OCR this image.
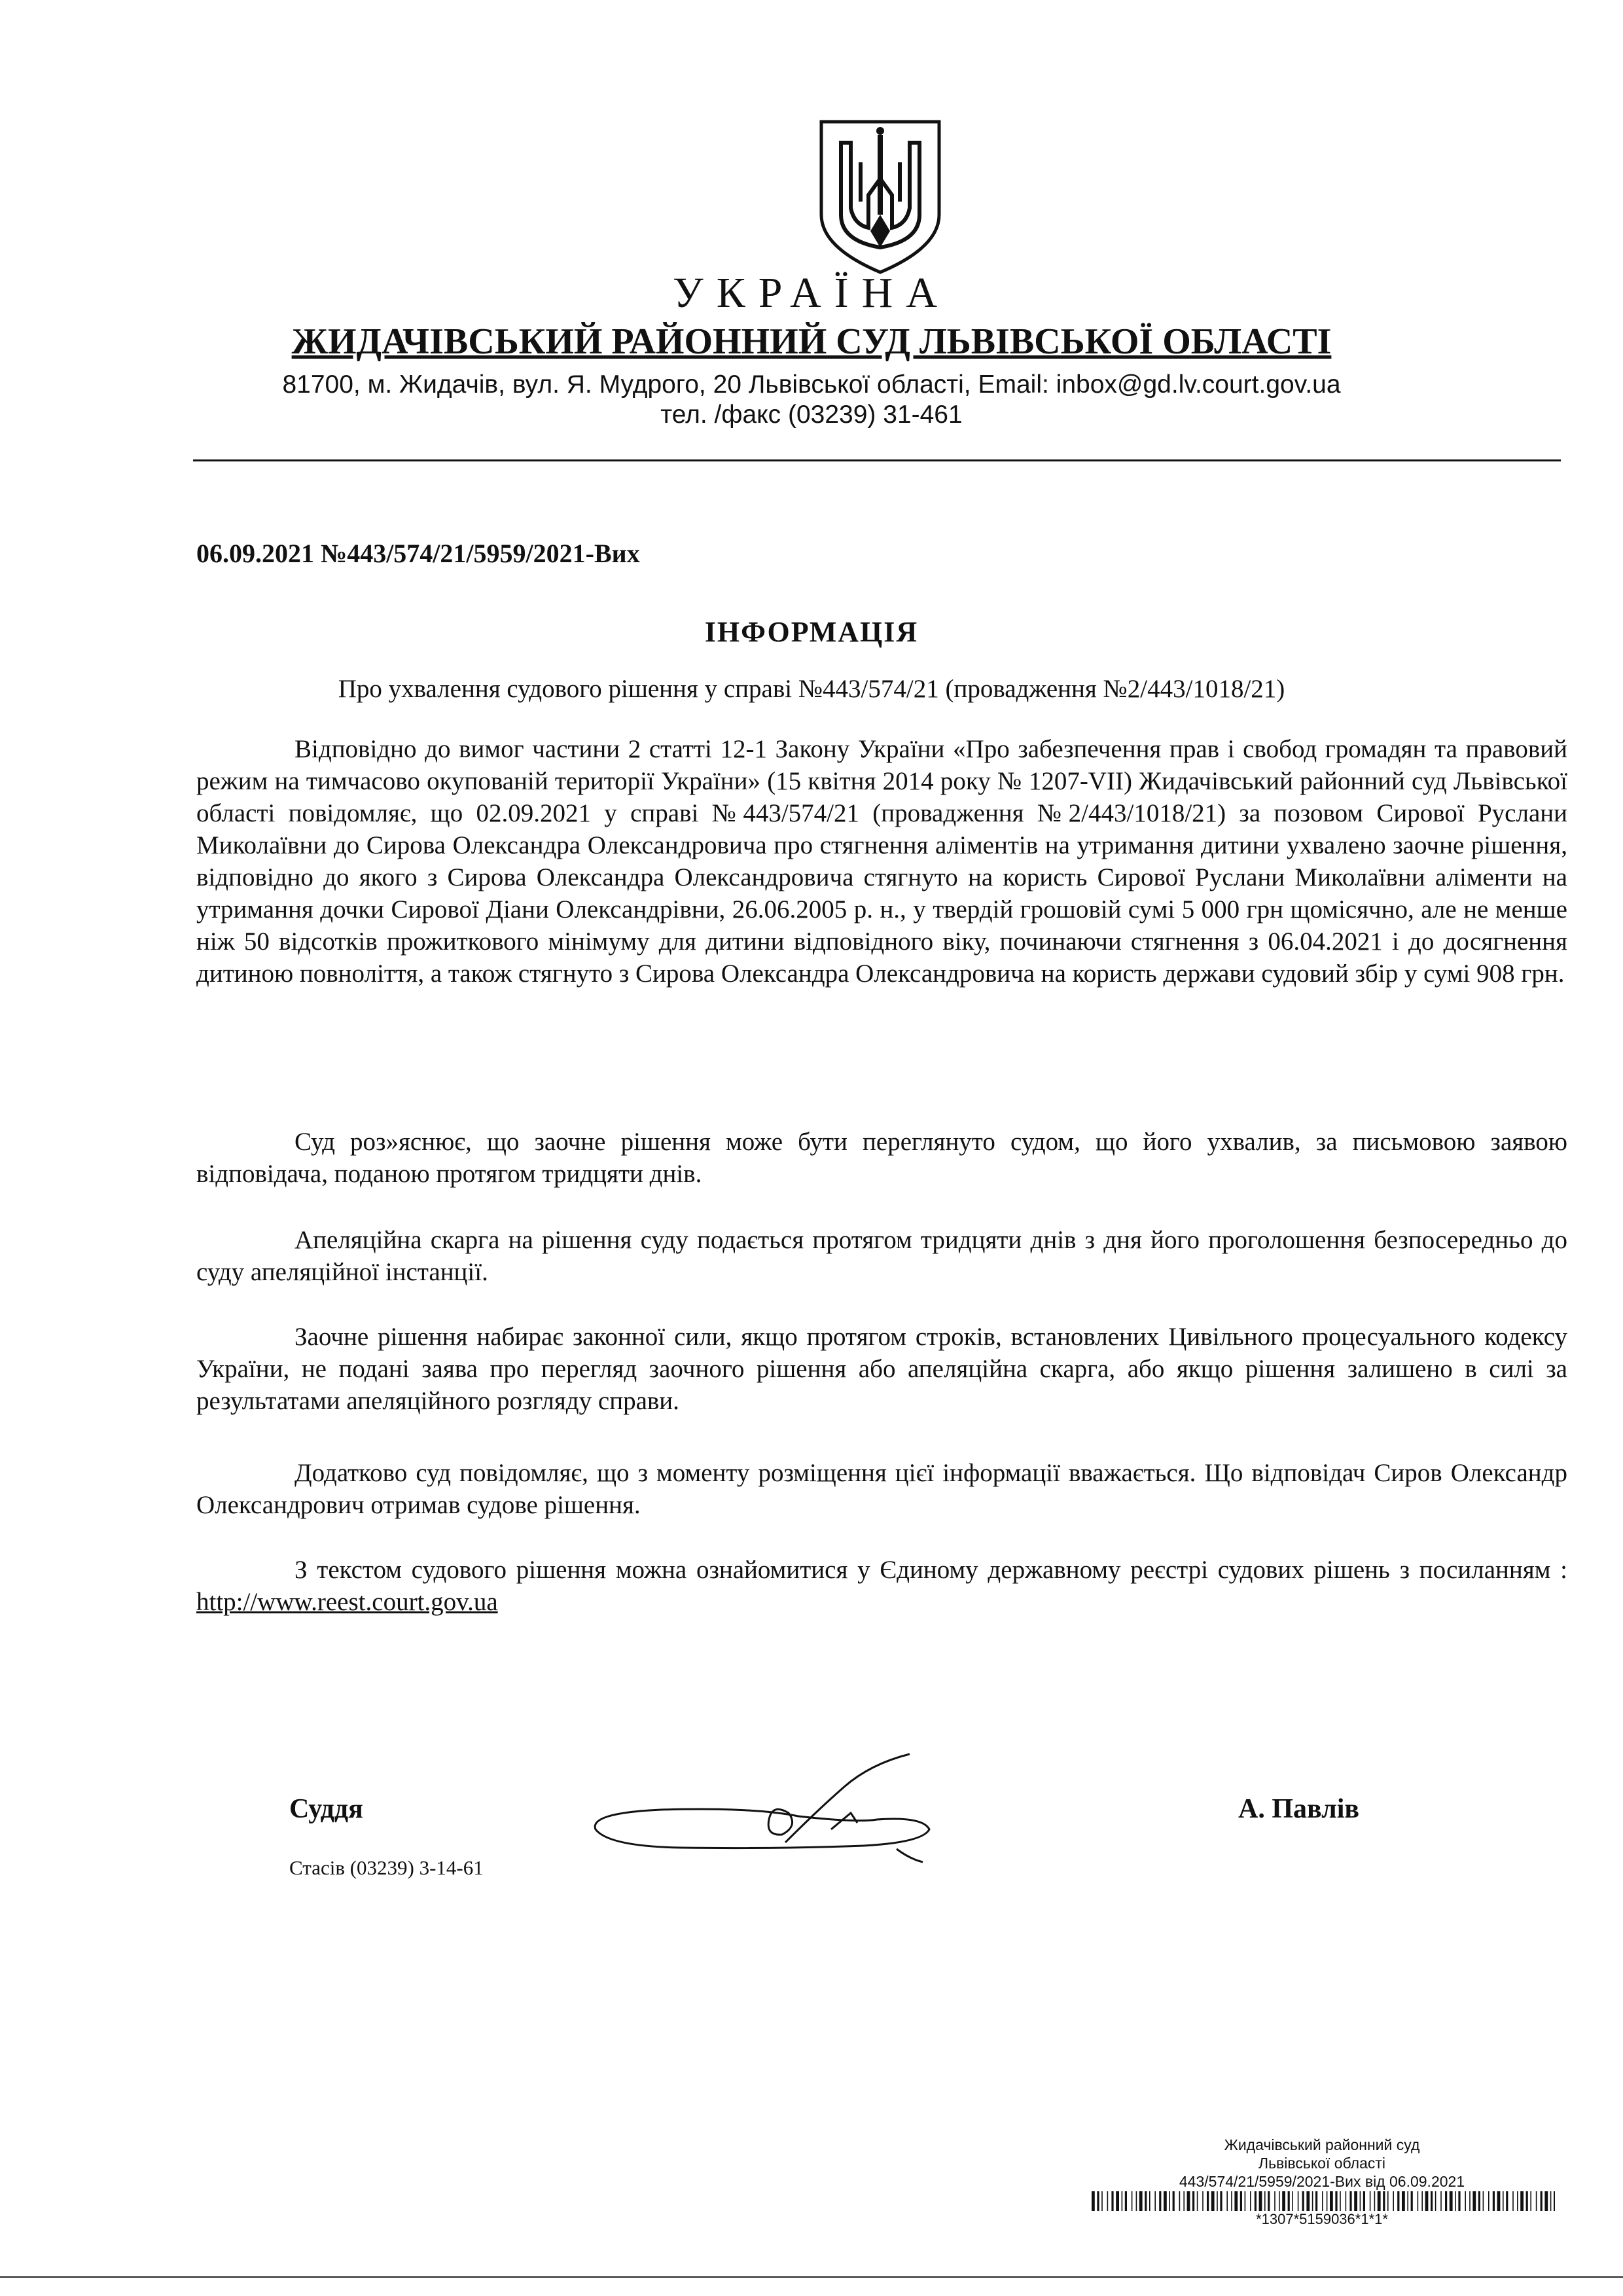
УКРАЇНА
ЖИДАЧІВСЬКИЙ РАЙОННИЙ СУД ЛЬВІВСЬКОЇ ОБЛАСТІ
81700, м. Жидачів, вул. Я. Мудрого, 20 Львівської області, Email: inbox@gd.lv.court.gov.ua
тел. /факс (03239) 31-461
06.09.2021 №443/574/21/5959/2021-Вих
ІНФОРМАЦІЯ
Про ухвалення судового рішення у справі №443/574/21 (провадження №2/443/1018/21)

Відповідно до вимог частини 2 статті 12-1 Закону України «Про забезпечення прав і свобод громадян та правовий режим на тимчасово окупованій території України» (15 квітня 2014 року № 1207-VII) Жидачівський районний суд Львівської області повідомляє, що 02.09.2021 у справі №443/574/21 (провадження №2/443/1018/21) за позовом Сирової Руслани Миколаївни до Сирова Олександра Олександровича про стягнення аліментів на утримання дитини ухвалено заочне рішення, відповідно до якого з Сирова Олександра Олександровича стягнуто на користь Сирової Руслани Миколаївни аліменти на утримання дочки Сирової Діани Олександрівни, 26.06.2005 р. н., у твердій грошовій сумі 5 000 грн щомісячно, але не менше ніж 50 відсотків прожиткового мінімуму для дитини відповідного віку, починаючи стягнення з 06.04.2021 і до досягнення дитиною повноліття, а також стягнуто з Сирова Олександра Олександровича на користь держави судовий збір у сумі 908 грн.

Суд роз»яснює, що заочне рішення може бути переглянуто судом, що його ухвалив, за письмовою заявою відповідача, поданою протягом тридцяти днів.

Апеляційна скарга на рішення суду подається протягом тридцяти днів з дня його проголошення безпосередньо до суду апеляційної інстанції.

Заочне рішення набирає законної сили, якщо протягом строків, встановлених Цивільного процесуального кодексу України, не подані заява про перегляд заочного рішення або апеляційна скарга, або якщо рішення залишено в силі за результатами апеляційного розгляду справи.

Додатково суд повідомляє, що з моменту розміщення цієї інформації вважається. Що відповідач Сиров Олександр Олександрович отримав судове рішення.

З текстом судового рішення можна ознайомитися у Єдиному державному реєстрі судових рішень з посиланням : http://www.reest.court.gov.ua

Суддя	А. Павлів
Стасів (03239) 3-14-61
Жидачівський районний суд
Львівської області
443/574/21/5959/2021-Вих від 06.09.2021
*1307*5159036*1*1*
